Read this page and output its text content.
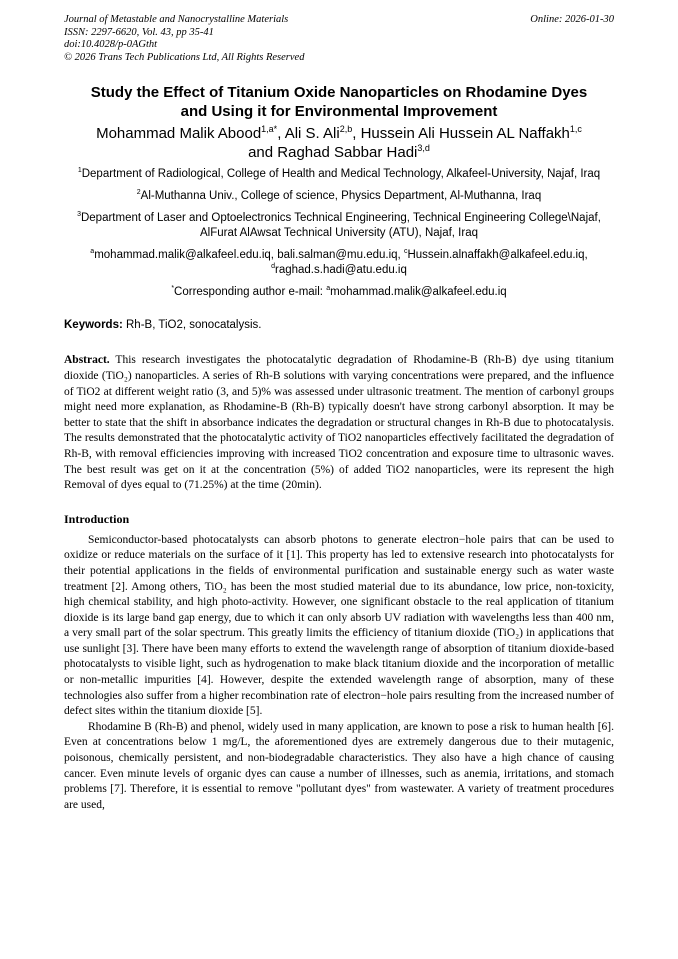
Journal of Metastable and Nanocrystalline Materials
ISSN: 2297-6620, Vol. 43, pp 35-41
doi:10.4028/p-0AGtht
© 2026 Trans Tech Publications Ltd, All Rights Reserved
Online: 2026-01-30
Study the Effect of Titanium Oxide Nanoparticles on Rhodamine Dyes
and Using it for Environmental Improvement
Mohammad Malik Abood$^{1,a*}$, Ali S. Ali$^{2,b}$, Hussein Ali Hussein AL Naffakh$^{1,c}$
and Raghad Sabbar Hadi$^{3,d}$
$^1$Department of Radiological, College of Health and Medical Technology, Alkafeel-University, Najaf, Iraq
$^2$Al-Muthanna Univ., College of science, Physics Department, Al-Muthanna, Iraq
$^3$Department of Laser and Optoelectronics Technical Engineering, Technical Engineering College\Najaf, AlFurat AlAwsat Technical University (ATU), Najaf, Iraq
$^a$mohammad.malik@alkafeel.edu.iq, bali.salman@mu.edu.iq, $^c$Hussein.alnaffakh@alkafeel.edu.iq,
$^d$raghad.s.hadi@atu.edu.iq
*Corresponding author e-mail: $^a$mohammad.malik@alkafeel.edu.iq
Keywords: Rh-B, TiO2, sonocatalysis.
Abstract. This research investigates the photocatalytic degradation of Rhodamine-B (Rh-B) dye using titanium dioxide (TiO₂) nanoparticles. A series of Rh-B solutions with varying concentrations were prepared, and the influence of TiO2 at different weight ratio (3, and 5)% was assessed under ultrasonic treatment. The mention of carbonyl groups might need more explanation, as Rhodamine-B (Rh-B) typically doesn't have strong carbonyl absorption. It may be better to state that the shift in absorbance indicates the degradation or structural changes in Rh-B due to photocatalysis. The results demonstrated that the photocatalytic activity of TiO2 nanoparticles effectively facilitated the degradation of Rh-B, with removal efficiencies improving with increased TiO2 concentration and exposure time to ultrasonic waves. The best result was get on it at the concentration (5%) of added TiO2 nanoparticles, were its represent the high Removal of dyes equal to (71.25%) at the time (20min).
Introduction
Semiconductor-based photocatalysts can absorb photons to generate electron−hole pairs that can be used to oxidize or reduce materials on the surface of it [1]. This property has led to extensive research into photocatalysts for their potential applications in the fields of environmental purification and sustainable energy such as water waste treatment [2]. Among others, TiO₂ has been the most studied material due to its abundance, low price, non-toxicity, high chemical stability, and high photo-activity. However, one significant obstacle to the real application of titanium dioxide is its large band gap energy, due to which it can only absorb UV radiation with wavelengths less than 400 nm, a very small part of the solar spectrum. This greatly limits the efficiency of titanium dioxide (TiO₂) in applications that use sunlight [3]. There have been many efforts to extend the wavelength range of absorption of titanium dioxide-based photocatalysts to visible light, such as hydrogenation to make black titanium dioxide and the incorporation of metallic or non-metallic impurities [4]. However, despite the extended wavelength range of absorption, many of these technologies also suffer from a higher recombination rate of electron−hole pairs resulting from the increased number of defect sites within the titanium dioxide [5].
Rhodamine B (Rh-B) and phenol, widely used in many application, are known to pose a risk to human health [6]. Even at concentrations below 1 mg/L, the aforementioned dyes are extremely dangerous due to their mutagenic, poisonous, chemically persistent, and non-biodegradable characteristics. They also have a high chance of causing cancer. Even minute levels of organic dyes can cause a number of illnesses, such as anemia, irritations, and stomach problems [7]. Therefore, it is essential to remove "pollutant dyes" from wastewater. A variety of treatment procedures are used,
